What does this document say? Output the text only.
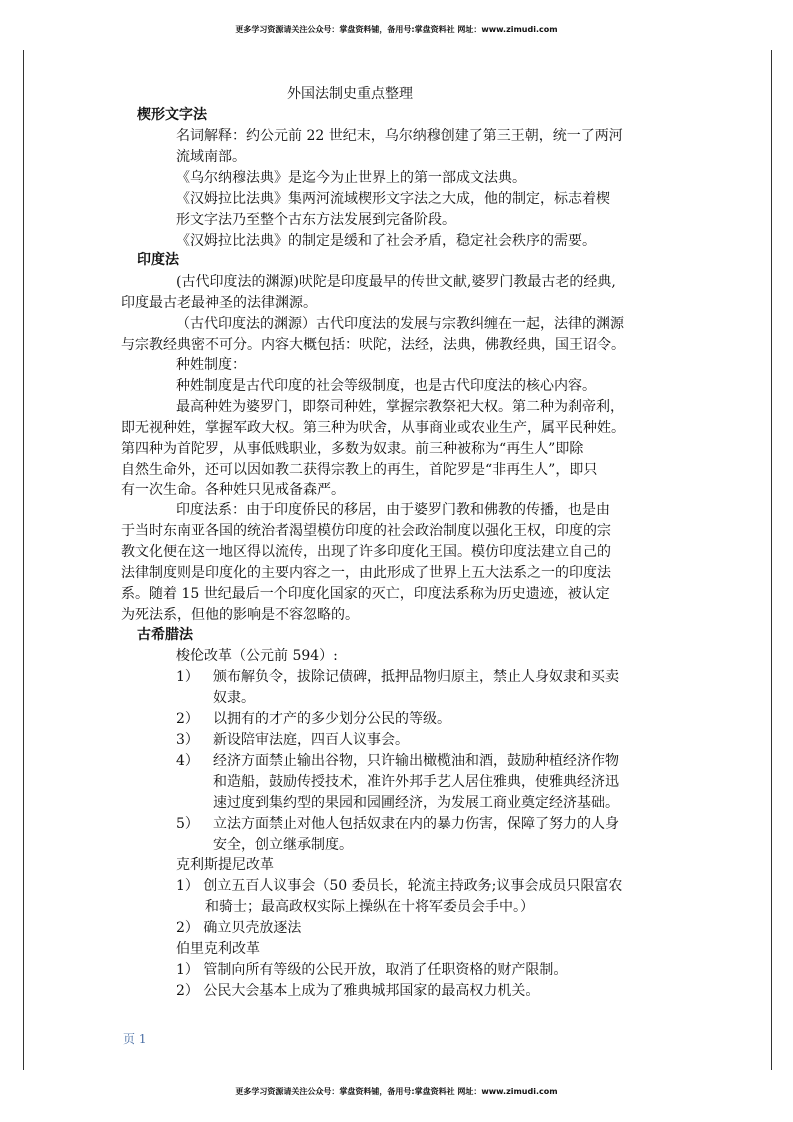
更多学习资源请关注公众号：掌盘资料铺，备用号:掌盘资料社 网址：www.zimudi.com
外国法制史重点整理
楔形文字法
名词解释：约公元前 22 世纪末，乌尔纳穆创建了第三王朝，统一了两河
流域南部。
《乌尔纳穆法典》是迄今为止世界上的第一部成文法典。
《汉姆拉比法典》集两河流域楔形文字法之大成，他的制定，标志着楔
形文字法乃至整个古东方法发展到完备阶段。
《汉姆拉比法典》的制定是缓和了社会矛盾，稳定社会秩序的需要。
印度法
(古代印度法的渊源)吠陀是印度最早的传世文献,婆罗门教最古老的经典,
印度最古老最神圣的法律渊源。
（古代印度法的渊源）古代印度法的发展与宗教纠缠在一起，法律的渊源
与宗教经典密不可分。内容大概包括：吠陀，法经，法典，佛教经典，国王诏令。
种姓制度：
种姓制度是古代印度的社会等级制度，也是古代印度法的核心内容。
最高种姓为婆罗门，即祭司种姓，掌握宗教祭祀大权。第二种为刹帝利，
即无视种姓，掌握军政大权。第三种为吠舍，从事商业或农业生产，属平民种姓。
第四种为首陀罗，从事低贱职业，多数为奴隶。前三种被称为“再生人”即除
自然生命外，还可以因如教二获得宗教上的再生，首陀罗是“非再生人”，即只
有一次生命。各种姓只见戒备森严。
印度法系：由于印度侨民的移居，由于婆罗门教和佛教的传播，也是由
于当时东南亚各国的统治者渴望模仿印度的社会政治制度以强化王权，印度的宗
教文化便在这一地区得以流传，出现了许多印度化王国。模仿印度法建立自己的
法律制度则是印度化的主要内容之一，由此形成了世界上五大法系之一的印度法
系。随着 15 世纪最后一个印度化国家的灭亡，印度法系称为历史遗迹，被认定
为死法系，但他的影响是不容忽略的。
古希腊法
梭伦改革（公元前 594）:
1） 颁布解负令，拔除记债碑，抵押品物归原主，禁止人身奴隶和买卖
奴隶。
2） 以拥有的才产的多少划分公民的等级。
3） 新设陪审法庭，四百人议事会。
4） 经济方面禁止输出谷物，只许输出橄榄油和酒，鼓励种植经济作物
和造船，鼓励传授技术，准许外邦手艺人居住雅典，使雅典经济迅
速过度到集约型的果园和园圃经济，为发展工商业奠定经济基础。
5） 立法方面禁止对他人包括奴隶在内的暴力伤害，保障了努力的人身
安全，创立继承制度。
克利斯提尼改革
1） 创立五百人议事会（50 委员长，轮流主持政务;议事会成员只限富农
和骑士；最高政权实际上操纵在十将军委员会手中。）
2） 确立贝壳放逐法
伯里克利改革
1） 管制向所有等级的公民开放，取消了任职资格的财产限制。
2） 公民大会基本上成为了雅典城邦国家的最高权力机关。
页 1
更多学习资源请关注公众号：掌盘资料铺，备用号:掌盘资料社 网址：www.zimudi.com
